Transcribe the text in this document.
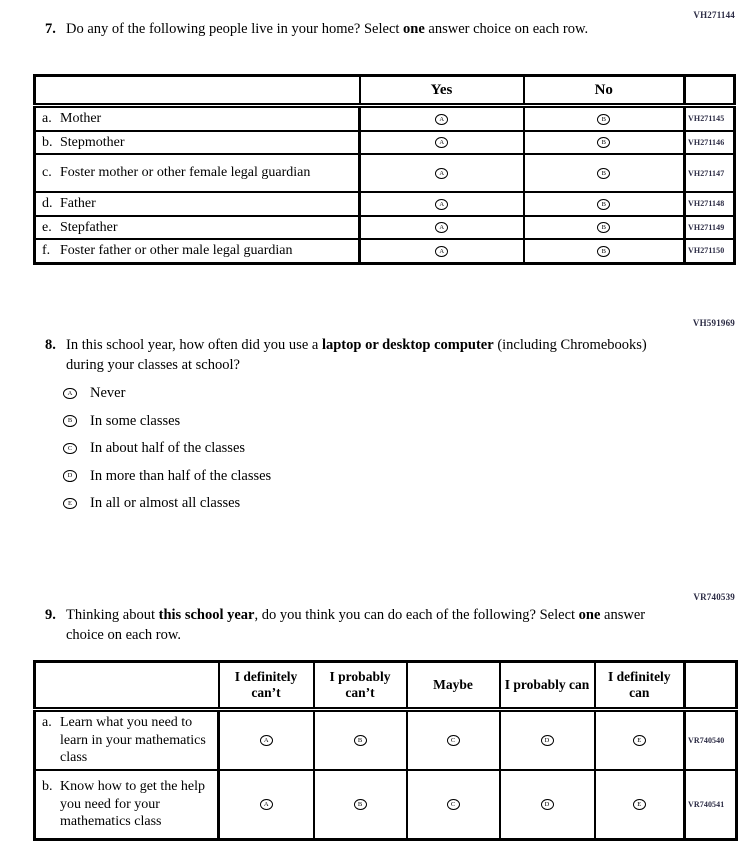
VH271144
7. Do any of the following people live in your home? Select one answer choice on each row.
	Yes	No	

a. Mother	A	B	VH271145

b. Stepmother	A	B	VH271146

c. Foster mother or other female legal guardian	A	B	VH271147

d. Father	A	B	VH271148

e. Stepfather	A	B	VH271149

f. Foster father or other male legal guardian	A	B	VH271150
VH591969
8. In this school year, how often did you use a laptop or desktop computer (including Chromebooks) during your classes at school?
A	Never
B	In some classes
C	In about half of the classes
D	In more than half of the classes
E	In all or almost all classes
VR740539
9. Thinking about this school year, do you think you can do each of the following? Select one answer choice on each row.
	I definitely can’t	I probably can’t	Maybe	I probably can	I definitely can	

a. Learn what you need to learn in your mathematics class	A	B	C	D	E	VR740540

b. Know how to get the help you need for your mathematics class	A	B	C	D	E	VR740541
